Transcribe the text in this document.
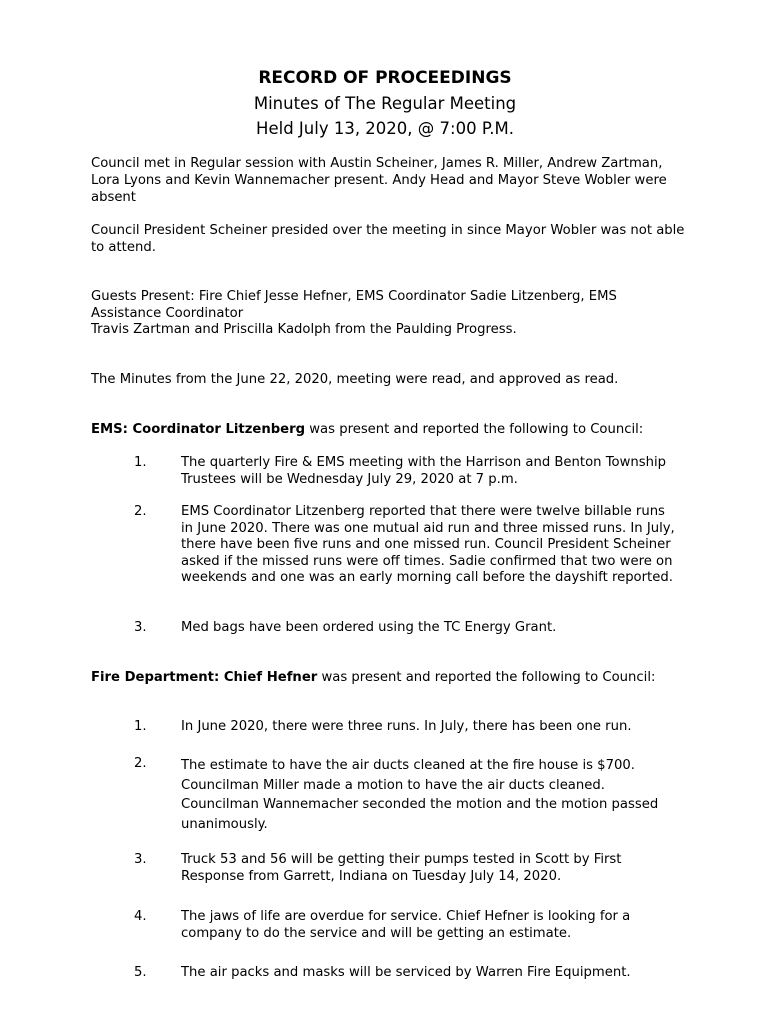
RECORD OF PROCEEDINGS
Minutes of The Regular Meeting
Held July 13, 2020, @ 7:00 P.M.

Council met in Regular session with Austin Scheiner, James R. Miller, Andrew Zartman, Lora Lyons and Kevin Wannemacher present. Andy Head and Mayor Steve Wobler were absent

Council President Scheiner presided over the meeting in since Mayor Wobler was not able to attend.

Guests Present: Fire Chief Jesse Hefner, EMS Coordinator Sadie Litzenberg, EMS Assistance Coordinator

Travis Zartman and Priscilla Kadolph from the Paulding Progress.

The Minutes from the June 22, 2020, meeting were read, and approved as read.

EMS: Coordinator Litzenberg was present and reported the following to Council:

1.	The quarterly Fire & EMS meeting with the Harrison and Benton Township Trustees will be Wednesday July 29, 2020 at 7 p.m.
2.	EMS Coordinator Litzenberg reported that there were twelve billable runs in June 2020. There was one mutual aid run and three missed runs. In July, there have been five runs and one missed run. Council President Scheiner asked if the missed runs were off times. Sadie confirmed that two were on weekends and one was an early morning call before the dayshift reported.
3.	Med bags have been ordered using the TC Energy Grant.

Fire Department: Chief Hefner was present and reported the following to Council:

1.	In June 2020, there were three runs. In July, there has been one run.
2.	The estimate to have the air ducts cleaned at the fire house is $700. Councilman Miller made a motion to have the air ducts cleaned. Councilman Wannemacher seconded the motion and the motion passed unanimously.
3.	Truck 53 and 56 will be getting their pumps tested in Scott by First Response from Garrett, Indiana on Tuesday July 14, 2020.
4.	The jaws of life are overdue for service. Chief Hefner is looking for a company to do the service and will be getting an estimate.
5.	The air packs and masks will be serviced by Warren Fire Equipment.
